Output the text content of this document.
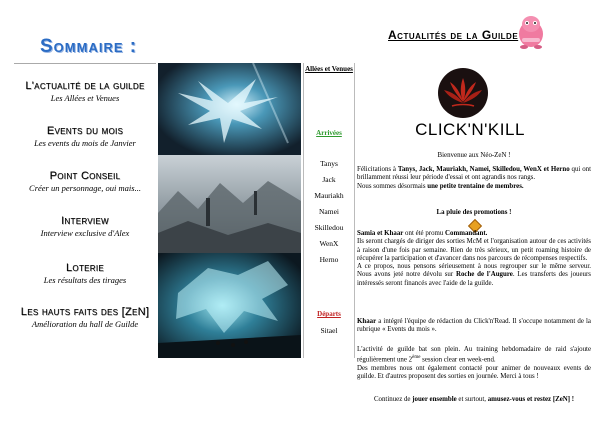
Sommaire :
L'actualité de la guilde
Les Allées et Venues
Events du mois
Les events du mois de Janvier
Point Conseil
Créer un personnage, oui mais...
Interview
Interview exclusive d'Alex
Loterie
Les résultats des tirages
Les hauts faits des [ZeN]
Amélioration du hall de Guilde
Allées et Venues
Arrivées
Tanys
Jack
Mauriakh
Namei
Skilledou
WenX
Herno
Départs
Sitael
Actualités de la Guilde
CLICK'N'KILL
Bienvenue aux Néo-ZeN !
Félicitations à Tanys, Jack, Mauriakh, Namei, Skilledou, WenX et Herno qui ont brillamment réussi leur période d'essai et ont agrandis nos rangs.
Nous sommes désormais une petite trentaine de membres.
La pluie des promotions !
Samia et Khaar ont été promu Commandant.
Ils seront chargés de diriger des sorties McM et l'organisation autour de ces activités à raison d'une fois par semaine. Rien de très sérieux, un petit roaming histoire de récupérer la participation et d'avancer dans nos parcours de récompenses respectifs.
A ce propos, nous pensons sérieusement à nous regrouper sur le même serveur. Nous avons jeté notre dévolu sur Roche de l'Augure. Les transferts des joueurs intéressés seront financés avec l'aide de la guilde.
Khaar a intégré l'équipe de rédaction du Click'n'Read. Il s'occupe notamment de la rubrique « Events du mois ».
L'activité de guilde bat son plein. Au training hebdomadaire de raid s'ajoute régulièrement une 2ème session clear en week-end.
Des membres nous ont également contacté pour animer de nouveaux events de guilde. Et d'autres proposent des sorties en journée. Merci à tous !
Continuez de jouer ensemble et surtout, amusez-vous et restez [ZeN] !
